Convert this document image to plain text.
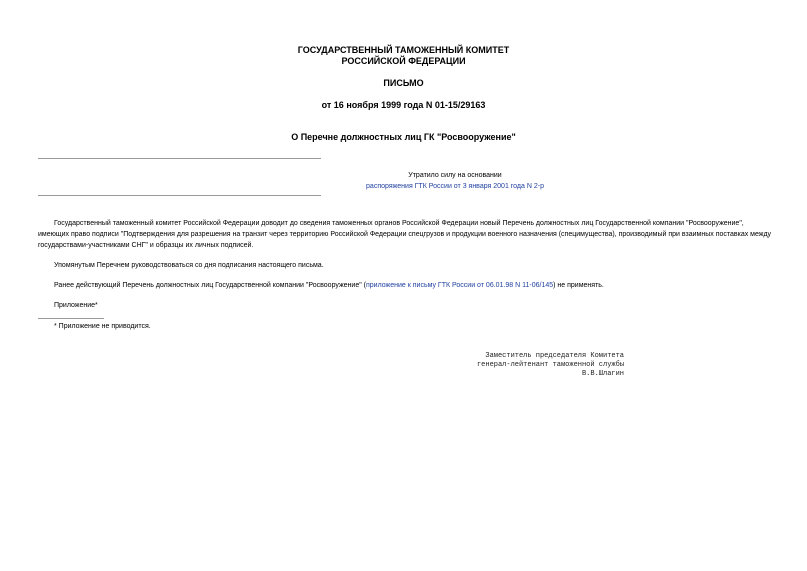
ГОСУДАРСТВЕННЫЙ ТАМОЖЕННЫЙ КОМИТЕТ
РОССИЙСКОЙ ФЕДЕРАЦИИ
ПИСЬМО
от 16 ноября 1999 года N 01-15/29163
О Перечне должностных лиц ГК "Росвооружение"
Утратило силу на основании
распоряжения ГТК России от 3 января 2001 года N 2-р
Государственный таможенный комитет Российской Федерации доводит до сведения таможенных органов Российской Федерации новый Перечень должностных лиц Государственной компании "Росвооружение", имеющих право подписи "Подтверждения для разрешения на транзит через территорию Российской Федерации спецгрузов и продукции военного назначения (специмущества), производимый при взаимных поставках между государствами-участниками СНГ" и образцы их личных подписей.
Упомянутым Перечнем руководствоваться со дня подписания настоящего письма.
Ранее действующий Перечень должностных лиц Государственной компании "Росвооружение" (приложение к письму ГТК России от 06.01.98 N 11-06/145) не применять.
Приложение*
* Приложение не приводится.
Заместитель председателя Комитета
генерал-лейтенант таможенной службы
В.В.Шлагин
